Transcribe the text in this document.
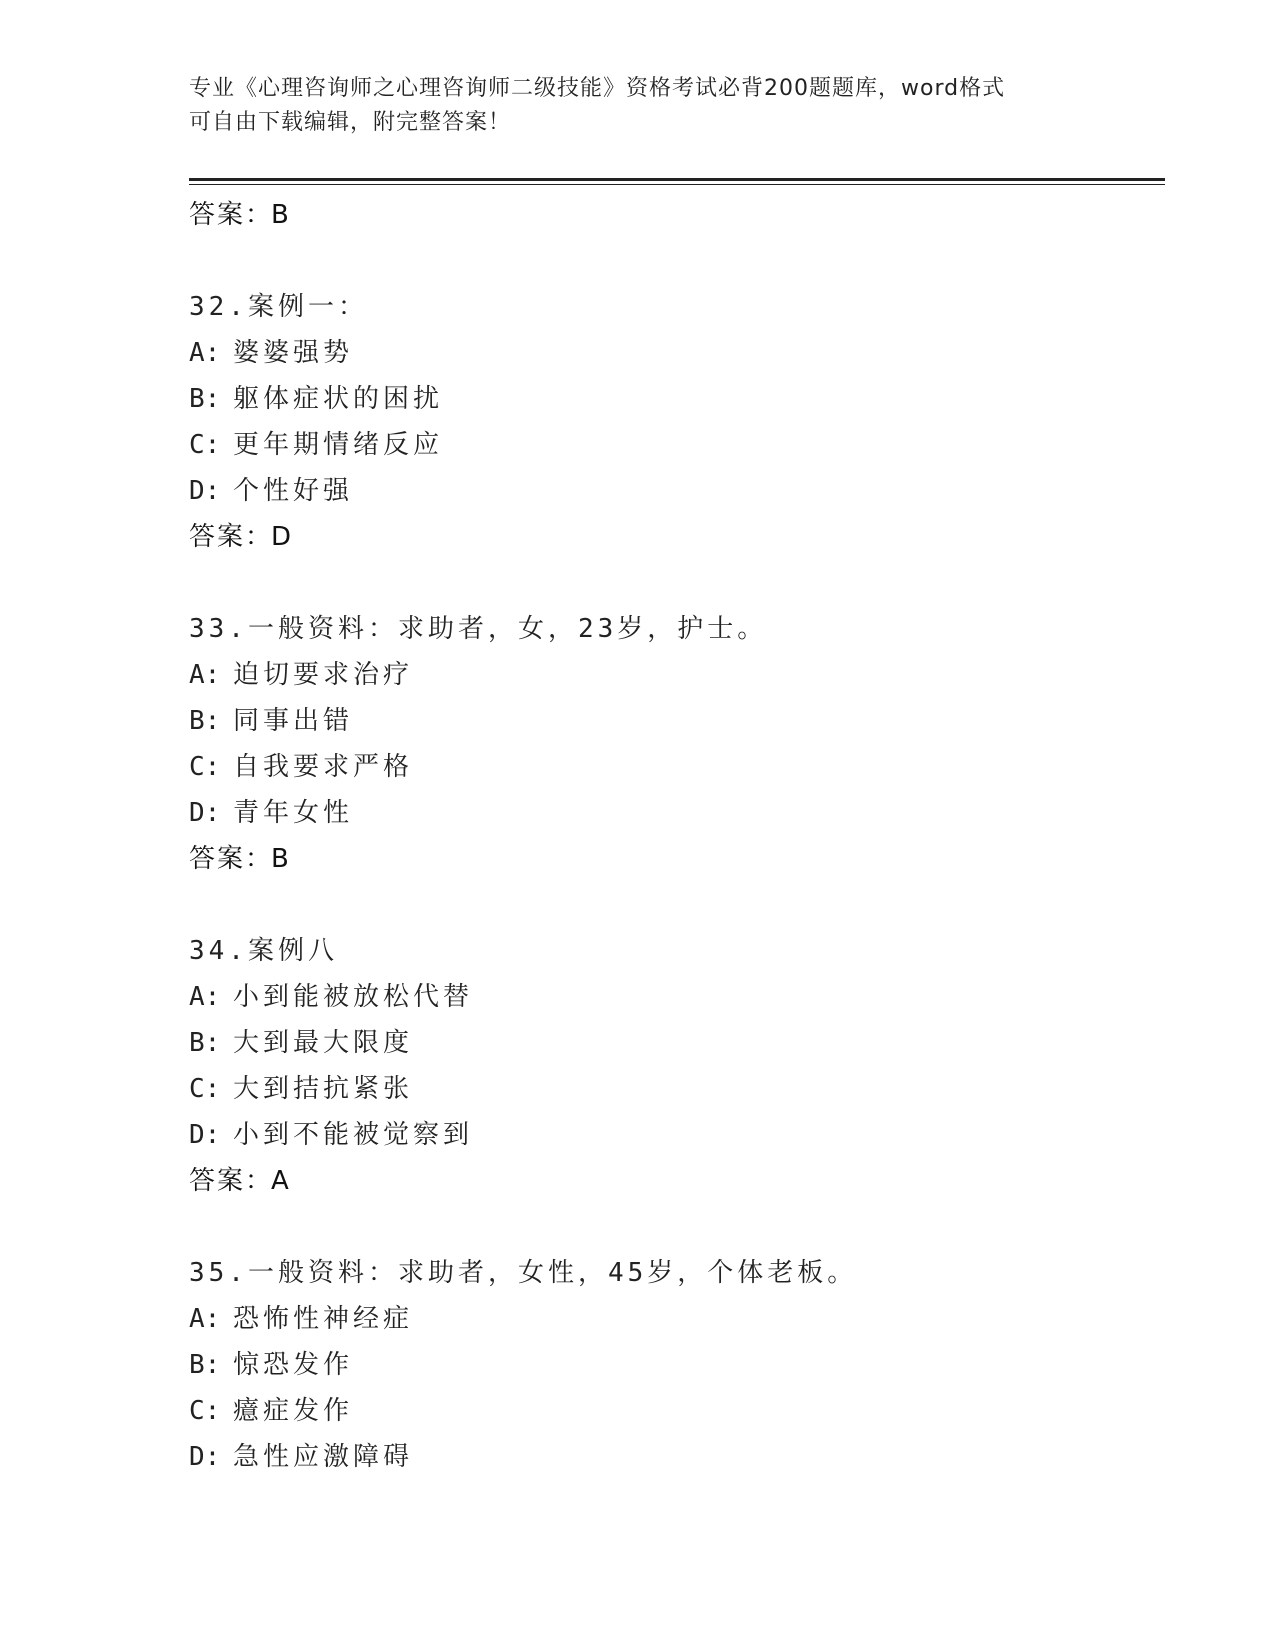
专业《心理咨询师之心理咨询师二级技能》资格考试必背200题题库，word格式
可自由下载编辑，附完整答案！
答案：B
32.案例一：
A: 婆婆强势
B: 躯体症状的困扰
C: 更年期情绪反应
D: 个性好强
答案：D
33.一般资料：求助者，女，23岁，护士。
A: 迫切要求治疗
B: 同事出错
C: 自我要求严格
D: 青年女性
答案：B
34.案例八
A: 小到能被放松代替
B: 大到最大限度
C: 大到拮抗紧张
D: 小到不能被觉察到
答案：A
35.一般资料：求助者，女性，45岁，个体老板。
A: 恐怖性神经症
B: 惊恐发作
C: 癔症发作
D: 急性应激障碍
